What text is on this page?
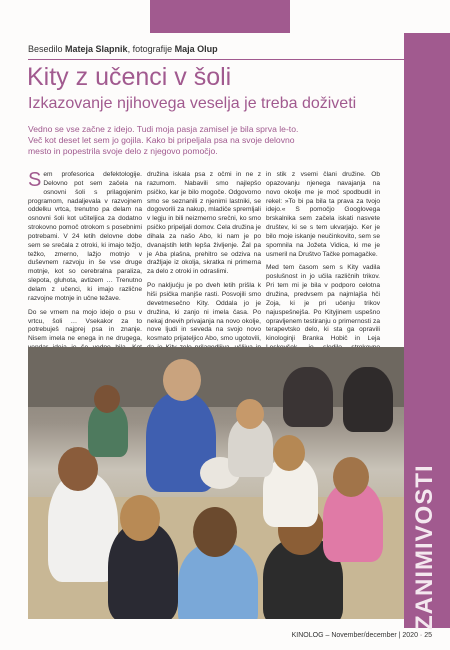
ZANIMIVOSTI
Besedilo Mateja Slapnik, fotografije Maja Olup
Kity z učenci v šoli
Izkazovanje njihovega veselja je treba doživeti
Vedno se vse začne z idejo. Tudi moja pasja zamisel je bila sprva le-to. Več kot deset let sem jo gojila. Kako bi pripeljala psa na svoje delovno mesto in popestrila svoje delo z njegovo pomočjo.

Sem profesorica defektologije. Delovno pot sem začela na osnovni šoli s prilagojenim programom, nadaljevala v razvojnem oddelku vrtca, trenutno pa delam na osnovni šoli kot učiteljica za dodatno strokovno pomoč otrokom s posebnimi potrebami. V 24 letih delovne dobe sem se srečala z otroki, ki imajo težjo, težko, zmerno, lažjo motnjo v duševnem razvoju in še vse druge motnje, kot so cerebralna paraliza, slepota, gluhota, avtizem … Trenutno delam z učenci, ki imajo različne razvojne motnje in učne težave.

Do se vrnem na mojo idejo o psu v vrtcu, šoli … Vsekakor za to potrebuješ najprej psa in znanje. Nisem imela ne enega in ne drugega,

družina iskala psa z očmi in ne z razumom. Nabavili smo najlepšo psičko, kar je bilo mogoče. Odgovorno smo se seznanili z njenimi lastniki, se dogovorili za nakup, mladiče spremljali v legju in bili neizmerno srečni, ko smo psičko pripeljali domov. Cela družina je dihala za našo Abo, ki nam je po dvanajstih letih lepša življenje. Žal pa je Aba plašna, prehitro se odziva na dražljaje iz okolja, skratka ni primerna za delo z otroki in odraslimi.

Po nakljućju je po dveh letih prišla k hiši psička manjše rasti. Posvojili smo devetmesečno Kity. Oddala jo je družina, ki zanjo ni imela časa. Po nekaj dnevih privajanja na novo okolje, nove ljudi in seveda na svojo novo kosmato prijateljico Abo, smo ugotovili,

in stik z vsemi člani družine. Ob opazovanju njenega navajanja na novo okolje me je moč spodbudil in rekel: »To bi pa bila ta prava za tvojo idejo.« S pomočjo Googlovega brskalnika sem začela iskati nasvete društev, ki se s tem ukvarjajo. Ker je bilo moje iskanje neučinkovito, sem se spomnila na Jožeta Vidica, ki me je usmeril na Društvo Tačke pomagačke.

Med tem časom sem s Kity vadila poslušnost in jo učila različnih trikov. Pri tem mi je bila v podporo celotna družina, predvsem pa najmlajša hči Zoja, ki je pri učenju trikov najuspešnejša. Po Kityjinem uspešno opravljenem testiranju o primernosti za terapevtsko delo, ki sta ga opravili kinologinji Branka Hobič in Leja

KINOLOG – November/december | 2020 · 25
